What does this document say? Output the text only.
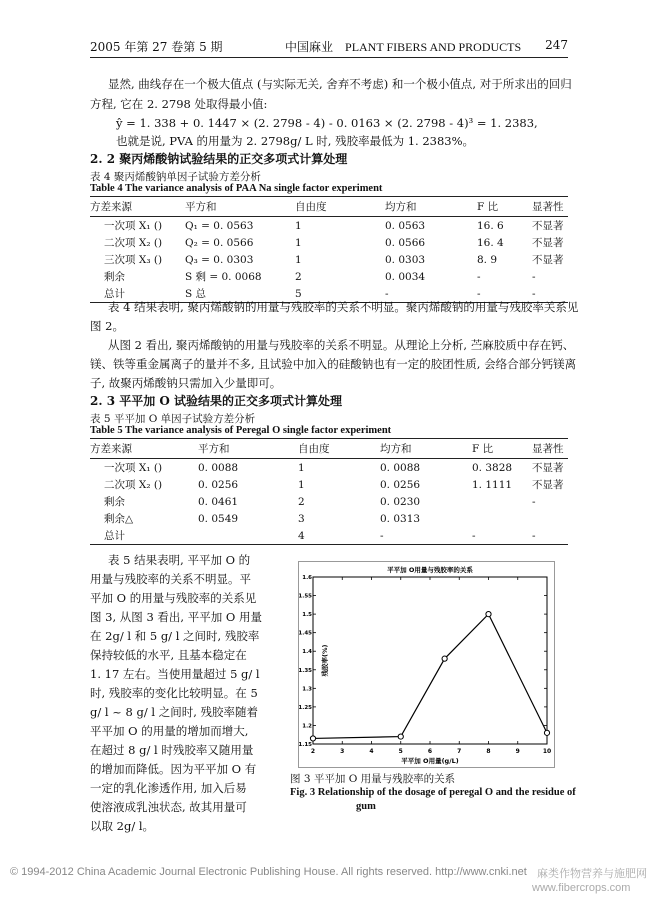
2005 年第 27 卷第 5 期	中国麻业 PLANT FIBERS AND PRODUCTS 247
显然, 曲线存在一个极大值点 (与实际无关, 舍弃不考虑) 和一个极小值点, 对于所求出的回归
方程, 它在 2. 2798 处取得最小值:
ŷ = 1. 338 + 0. 1447 × (2. 2798 - 4) - 0. 0163 × (2. 2798 - 4)³ = 1. 2383,
也就是说, PVA 的用量为 2. 2798g/ L 时, 残胶率最低为 1. 2383%。
2. 2 聚丙烯酸钠试验结果的正交多项式计算处理
表 4 聚丙烯酸钠单因子试验方差分析
Table 4 The variance analysis of PAA Na single factor experiment
方差来源	平方和	自由度	均方和	F 比	显著性
一次项 X₁ ()	Q₁ = 0. 0563	1	0. 0563	16. 6	不显著
二次项 X₂ ()	Q₂ = 0. 0566	1	0. 0566	16. 4	不显著
三次项 X₃ ()	Q₃ = 0. 0303	1	0. 0303	8. 9	不显著
剩余	S 剩 = 0. 0068	2	0. 0034	-	-
总计	S 总	5	-	-	-
表 4 结果表明, 聚丙烯酸钠的用量与残胶率的关系不明显。聚丙烯酸钠的用量与残胶率关系见
图 2。
从图 2 看出, 聚丙烯酸钠的用量与残胶率的关系不明显。从理论上分析, 苎麻胶质中存在钙、
镁、铁等重金属离子的量并不多, 且试验中加入的硅酸钠也有一定的胶团性质, 会络合部分钙镁离
子, 故聚丙烯酸钠只需加入少量即可。
2. 3 平平加 O 试验结果的正交多项式计算处理
表 5 平平加 O 单因子试验方差分析
Table 5 The variance analysis of Peregal O single factor experiment
方差来源	平方和	自由度	均方和	F 比	显著性
一次项 X₁ ()	0. 0088	1	0. 0088	0. 3828	不显著
二次项 X₂ ()	0. 0256	1	0. 0256	1. 1111	不显著
剩余	0. 0461	2	0. 0230		-
剩余△	0. 0549	3	0. 0313		
总计		4	-	-	-
表 5 结果表明, 平平加 O 的
用量与残胶率的关系不明显。平
平加 O 的用量与残胶率的关系见
图 3, 从图 3 看出, 平平加 O 用量
在 2g/ l 和 5 g/ l 之间时, 残胶率
保持较低的水平, 且基本稳定在
1. 17 左右。当使用量超过 5 g/ l
时, 残胶率的变化比较明显。在 5
g/ l ~ 8 g/ l 之间时, 残胶率随着
平平加 O 的用量的增加而增大,
在超过 8 g/ l 时残胶率又随用量
的增加而降低。因为平平加 O 有
一定的乳化渗透作用, 加入后易
使溶液成乳浊状态, 故其用量可
以取 2g/ l。
平平加 O用量与残胶率的关系
2	3	4	5	6	7	8	9	10
1.15
1.2
1.25
1.3
1.35
1.4
1.45
1.5
1.55
1.6
平平加 O用量(g/L)
残胶率(%)
图 3 平平加 O 用量与残胶率的关系
Fig. 3 Relationship of the dosage of peregal O and the residue of
gum
© 1994-2012 China Academic Journal Electronic Publishing House. All rights reserved. http://www.cnki.net 麻类作物营养与施肥网
www.fibercrops.com
